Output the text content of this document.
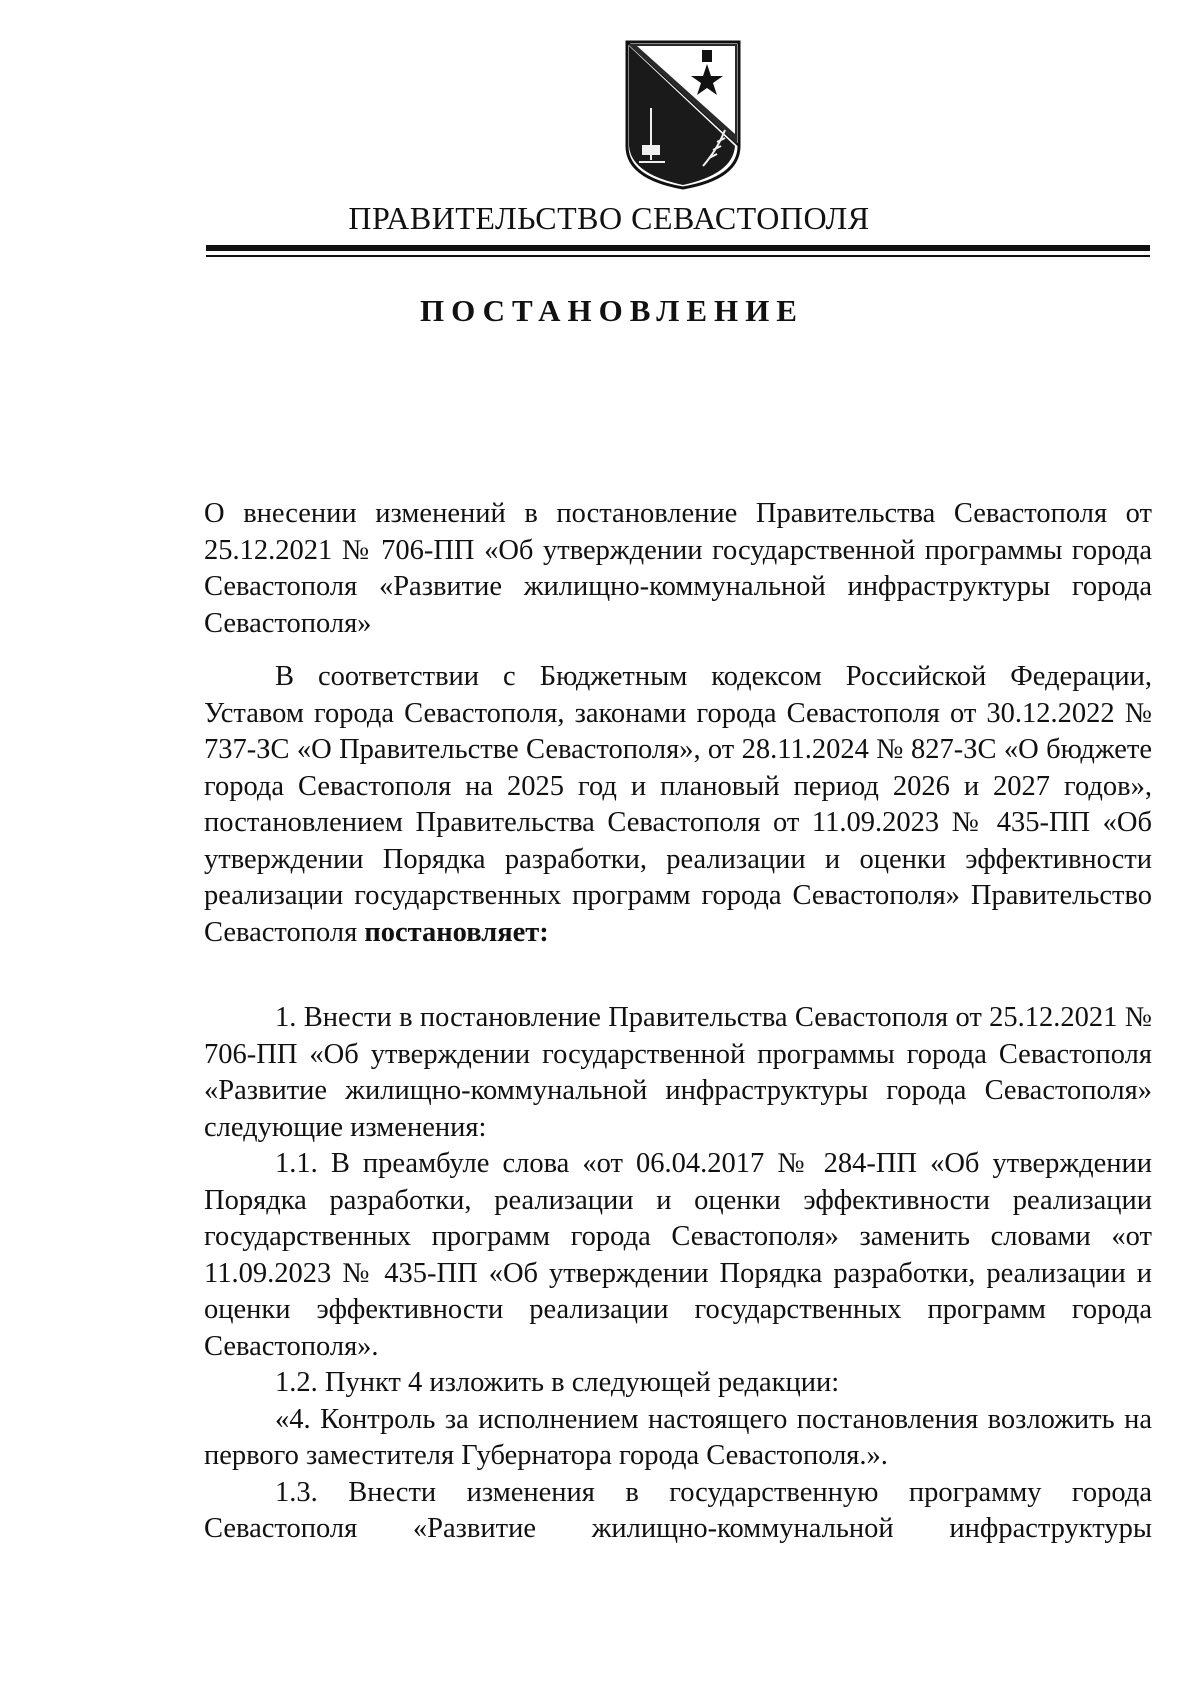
ПРАВИТЕЛЬСТВО СЕВАСТОПОЛЯ
ПОСТАНОВЛЕНИЕ

О внесении изменений в постановление Правительства Севастополя от 25.12.2021 № 706-ПП «Об утверждении государственной программы города Севастополя «Развитие жилищно-коммунальной инфраструктуры города Севастополя»

В соответствии с Бюджетным кодексом Российской Федерации, Уставом города Севастополя, законами города Севастополя от 30.12.2022 № 737-ЗС «О Правительстве Севастополя», от 28.11.2024 № 827-ЗС «О бюджете города Севастополя на 2025 год и плановый период 2026 и 2027 годов», постановлением Правительства Севастополя от 11.09.2023 № 435-ПП «Об утверждении Порядка разработки, реализации и оценки эффективности реализации государственных программ города Севастополя» Правительство Севастополя постановляет:

1. Внести в постановление Правительства Севастополя от 25.12.2021 № 706-ПП «Об утверждении государственной программы города Севастополя «Развитие жилищно-коммунальной инфраструктуры города Севастополя» следующие изменения:

1.1. В преамбуле слова «от 06.04.2017 № 284-ПП «Об утверждении Порядка разработки, реализации и оценки эффективности реализации государственных программ города Севастополя» заменить словами «от 11.09.2023 № 435-ПП «Об утверждении Порядка разработки, реализации и оценки эффективности реализации государственных программ города Севастополя».

1.2. Пункт 4 изложить в следующей редакции:

«4. Контроль за исполнением настоящего постановления возложить на первого заместителя Губернатора города Севастополя.».

1.3. Внести изменения в государственную программу города Севастополя «Развитие жилищно-коммунальной инфраструктуры
